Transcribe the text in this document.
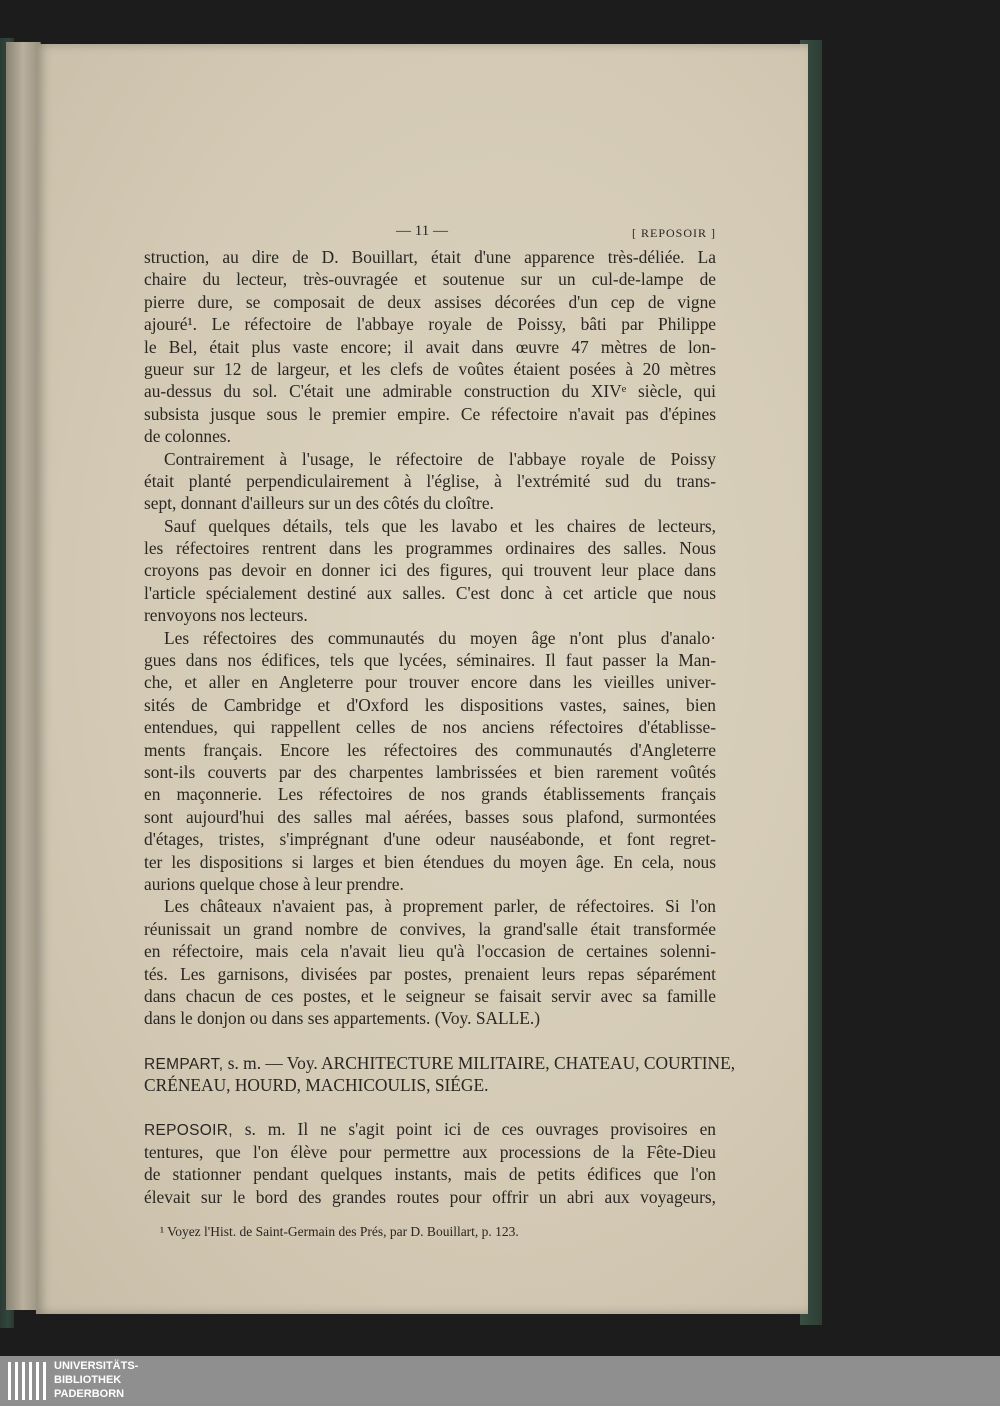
— 11 —	[ REPOSOIR ]
struction, au dire de D. Bouillart, était d'une apparence très-déliée. La
chaire du lecteur, très-ouvragée et soutenue sur un cul-de-lampe de
pierre dure, se composait de deux assises décorées d'un cep de vigne
ajouré¹. Le réfectoire de l'abbaye royale de Poissy, bâti par Philippe
le Bel, était plus vaste encore; il avait dans œuvre 47 mètres de lon-
gueur sur 12 de largeur, et les clefs de voûtes étaient posées à 20 mètres
au-dessus du sol. C'était une admirable construction du XIVᵉ siècle, qui
subsista jusque sous le premier empire. Ce réfectoire n'avait pas d'épines
de colonnes.
Contrairement à l'usage, le réfectoire de l'abbaye royale de Poissy
était planté perpendiculairement à l'église, à l'extrémité sud du trans-
sept, donnant d'ailleurs sur un des côtés du cloître.
Sauf quelques détails, tels que les lavabo et les chaires de lecteurs,
les réfectoires rentrent dans les programmes ordinaires des salles. Nous
croyons pas devoir en donner ici des figures, qui trouvent leur place dans
l'article spécialement destiné aux salles. C'est donc à cet article que nous
renvoyons nos lecteurs.
Les réfectoires des communautés du moyen âge n'ont plus d'analo·
gues dans nos édifices, tels que lycées, séminaires. Il faut passer la Man-
che, et aller en Angleterre pour trouver encore dans les vieilles univer-
sités de Cambridge et d'Oxford les dispositions vastes, saines, bien
entendues, qui rappellent celles de nos anciens réfectoires d'établisse-
ments français. Encore les réfectoires des communautés d'Angleterre
sont-ils couverts par des charpentes lambrissées et bien rarement voûtés
en maçonnerie. Les réfectoires de nos grands établissements français
sont aujourd'hui des salles mal aérées, basses sous plafond, surmontées
d'étages, tristes, s'imprégnant d'une odeur nauséabonde, et font regret-
ter les dispositions si larges et bien étendues du moyen âge. En cela, nous
aurions quelque chose à leur prendre.
Les châteaux n'avaient pas, à proprement parler, de réfectoires. Si l'on
réunissait un grand nombre de convives, la grand'salle était transformée
en réfectoire, mais cela n'avait lieu qu'à l'occasion de certaines solenni-
tés. Les garnisons, divisées par postes, prenaient leurs repas séparément
dans chacun de ces postes, et le seigneur se faisait servir avec sa famille
dans le donjon ou dans ses appartements. (Voy. SALLE.)
REMPART, s. m. — Voy. ARCHITECTURE MILITAIRE, CHATEAU, COURTINE,
CRÉNEAU, HOURD, MACHICOULIS, SIÉGE.
REPOSOIR, s. m. Il ne s'agit point ici de ces ouvrages provisoires en
tentures, que l'on élève pour permettre aux processions de la Fête-Dieu
de stationner pendant quelques instants, mais de petits édifices que l'on
élevait sur le bord des grandes routes pour offrir un abri aux voyageurs,
¹ Voyez l'Hist. de Saint-Germain des Prés, par D. Bouillart, p. 123.
UNIVERSITÄTS-
BIBLIOTHEK
PADERBORN
